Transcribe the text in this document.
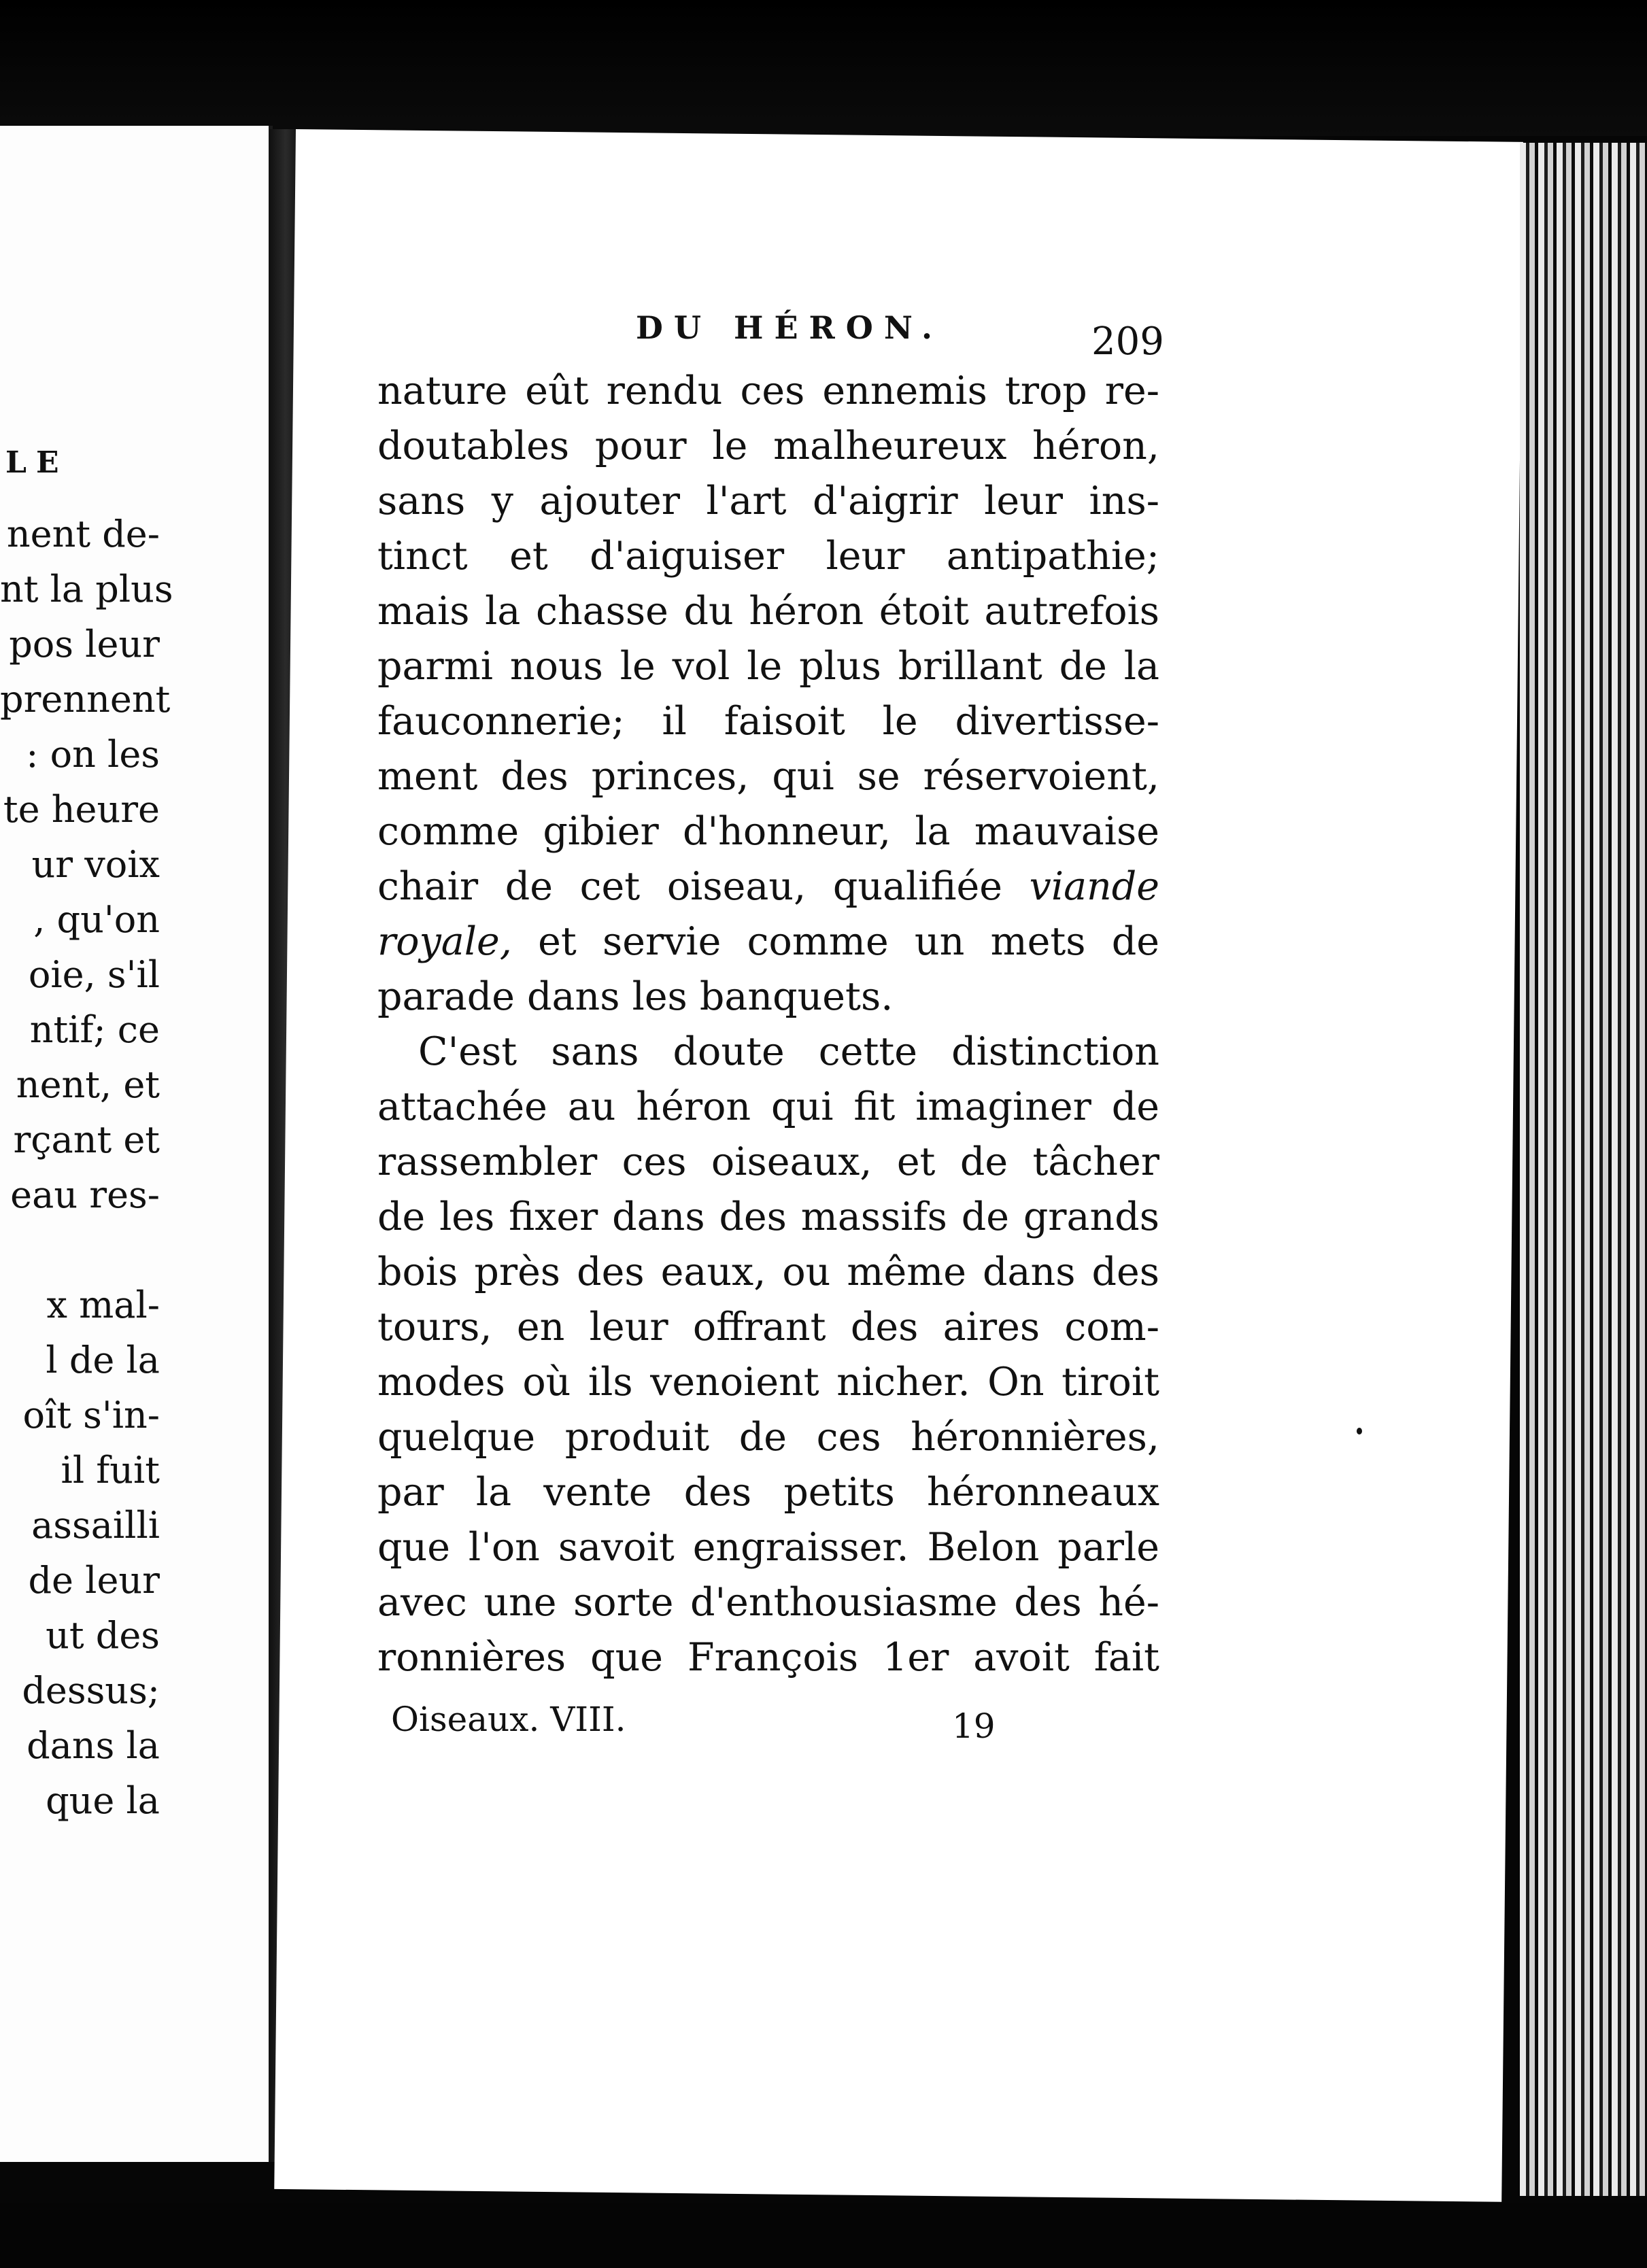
LE

nent de-
nt la plus
pos leur
prennent
: on les
te heure
ur voix
, qu'on
oie, s'il
ntif; ce
nent, et
rçant et
eau res-
x mal-
l de la
oît s'in-
il fuit
assailli
de leur
ut des
dessus;
dans la
que la

DU HÉRON.	209

nature eût rendu ces ennemis trop re-
doutables pour le malheureux héron,
sans y ajouter l'art d'aigrir leur ins-
tinct et d'aiguiser leur antipathie;
mais la chasse du héron étoit autrefois
parmi nous le vol le plus brillant de la
fauconnerie; il faisoit le divertisse-
ment des princes, qui se réservoient,
comme gibier d'honneur, la mauvaise
chair de cet oiseau, qualifiée viande
royale, et servie comme un mets de
parade dans les banquets.
C'est sans doute cette distinction
attachée au héron qui fit imaginer de
rassembler ces oiseaux, et de tâcher
de les fixer dans des massifs de grands
bois près des eaux, ou même dans des
tours, en leur offrant des aires com-
modes où ils venoient nicher. On tiroit
quelque produit de ces héronnières,
par la vente des petits héronneaux
que l'on savoit engraisser. Belon parle
avec une sorte d'enthousiasme des hé-
ronnières que François 1er avoit fait

Oiseaux. VIII.	19
